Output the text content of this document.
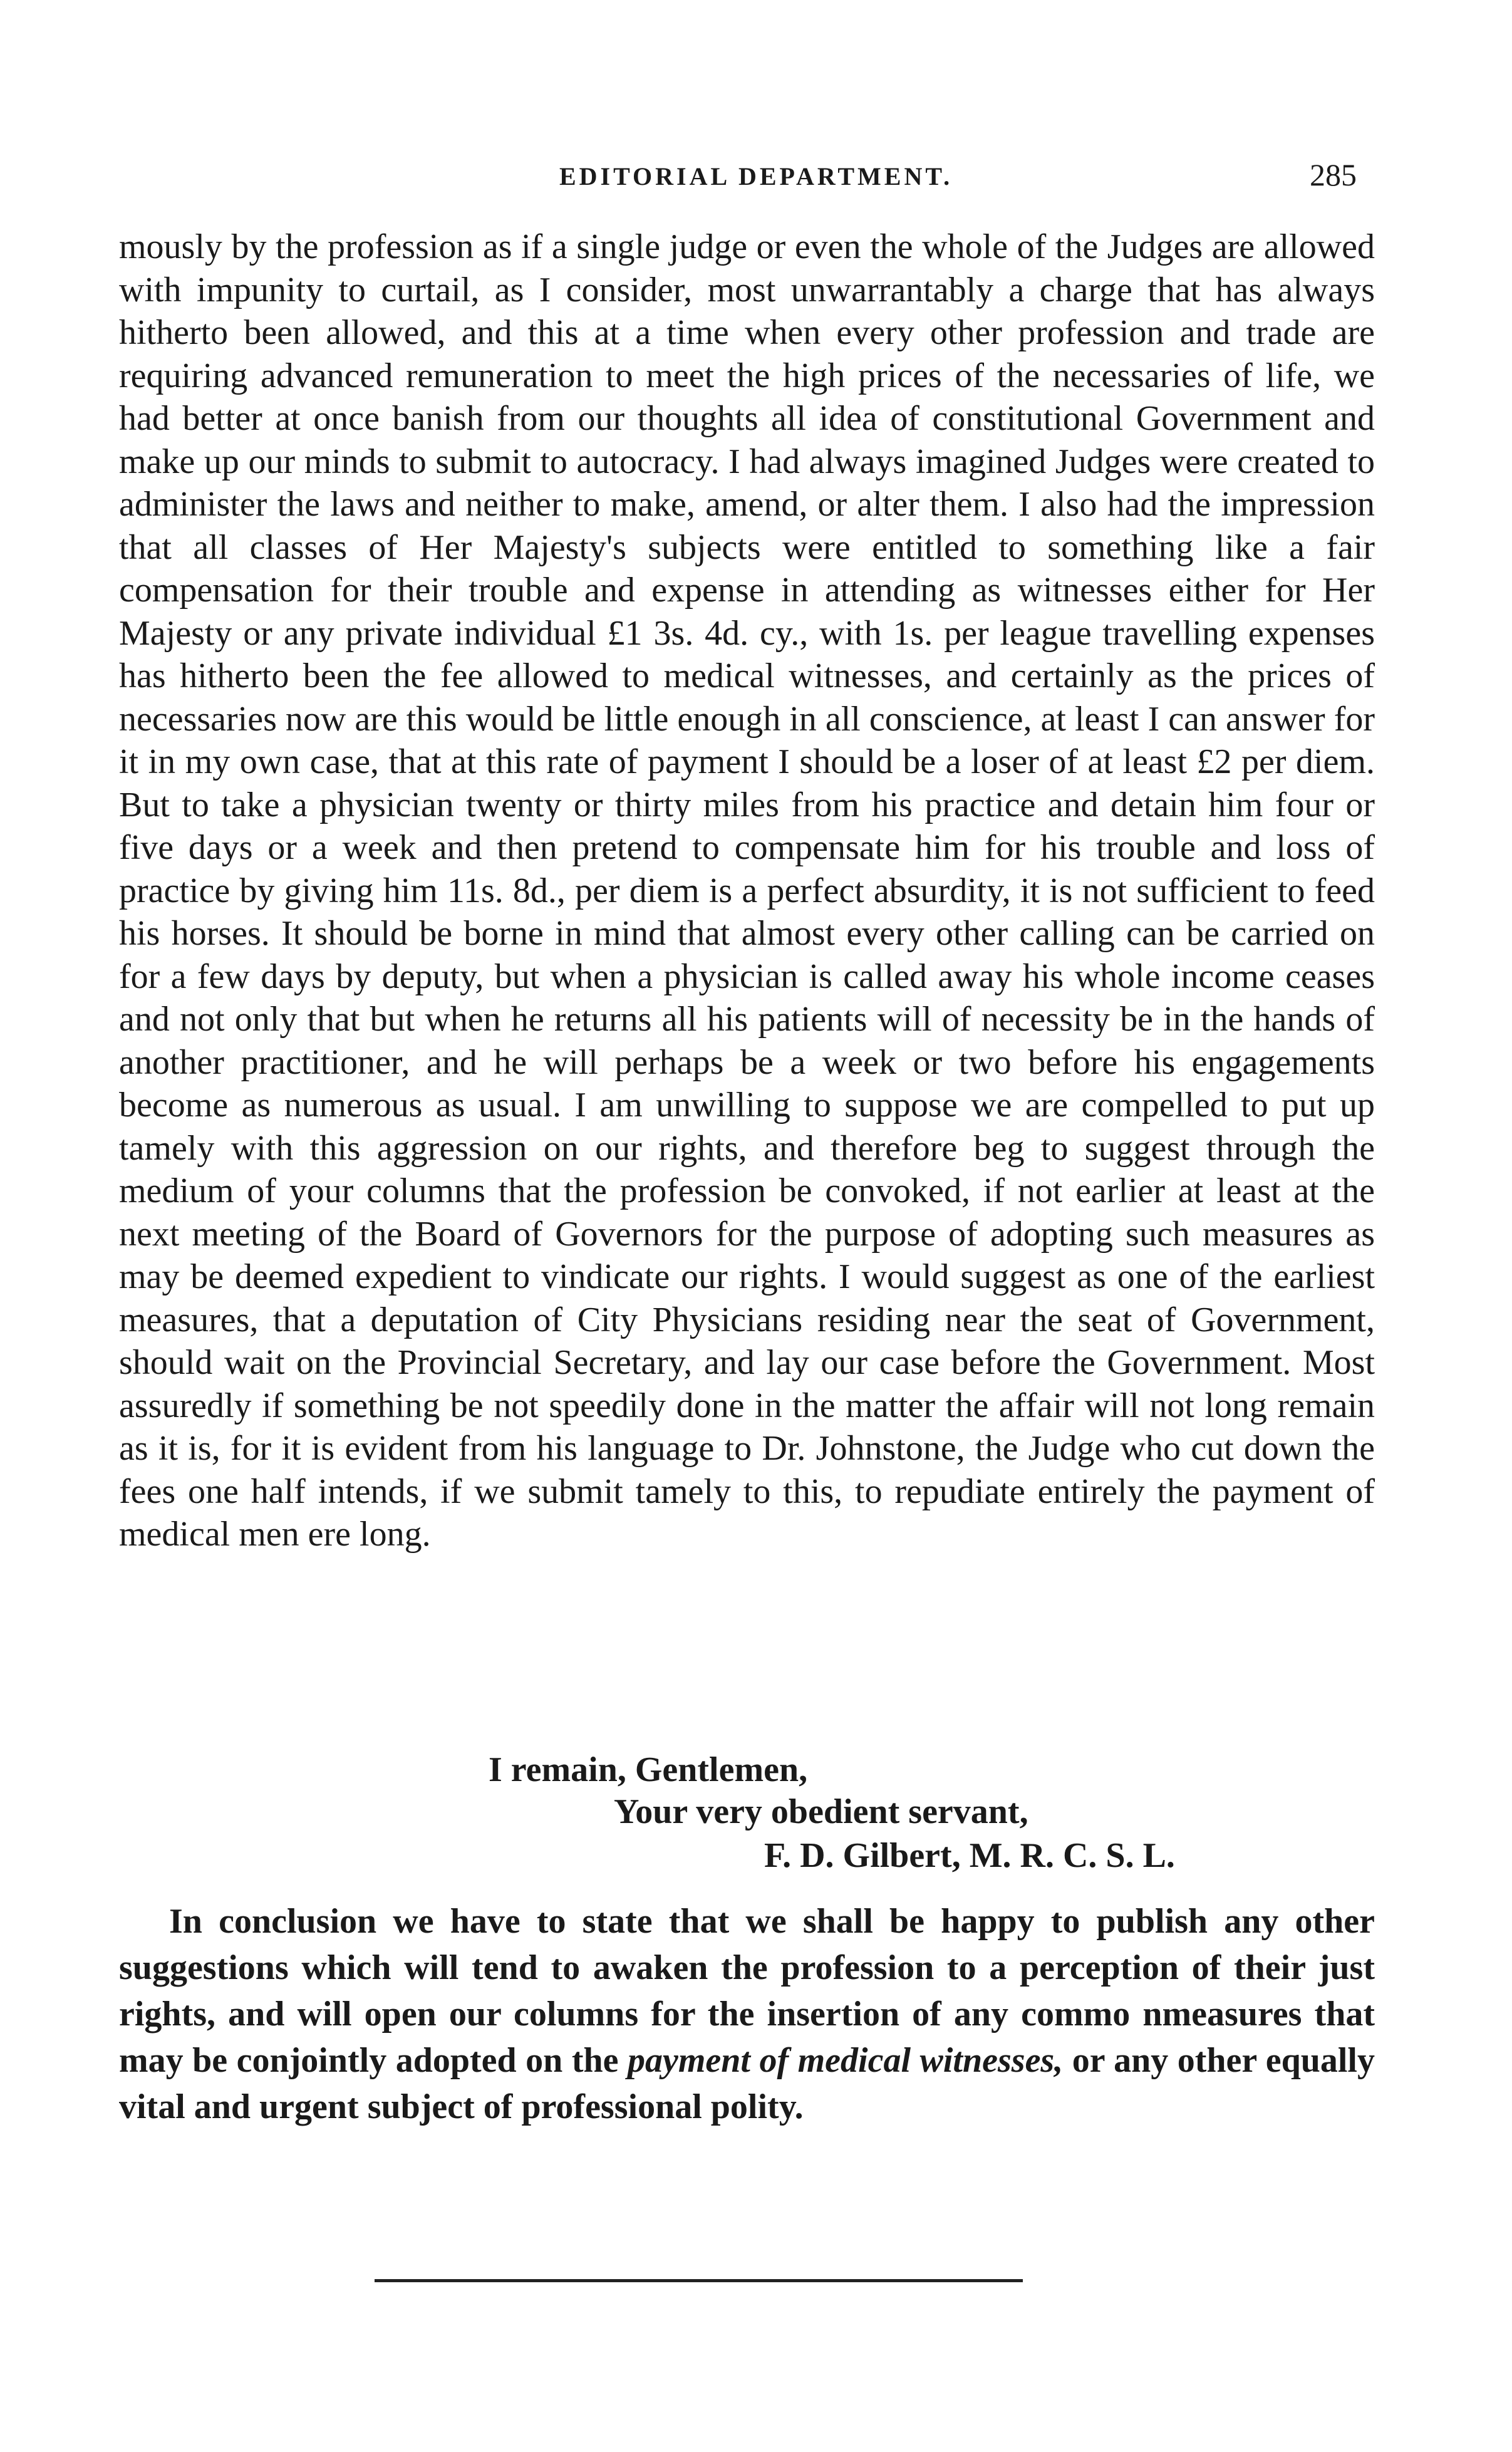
EDITORIAL DEPARTMENT.	285

mously by the profession as if a single judge or even the whole of the Judges are allowed with impunity to curtail, as I consider, most unwarrantably a charge that has always hitherto been allowed, and this at a time when every other profession and trade are requiring advanced remuneration to meet the high prices of the necessaries of life, we had better at once banish from our thoughts all idea of constitutional Government and make up our minds to submit to autocracy. I had always imagined Judges were created to administer the laws and neither to make, amend, or alter them. I also had the impression that all classes of Her Majesty's subjects were entitled to something like a fair compensation for their trouble and expense in attending as witnesses either for Her Majesty or any private individual £1 3s. 4d. cy., with 1s. per league travelling expenses has hitherto been the fee allowed to medical witnesses, and certainly as the prices of necessaries now are this would be little enough in all conscience, at least I can answer for it in my own case, that at this rate of payment I should be a loser of at least £2 per diem. But to take a physician twenty or thirty miles from his practice and detain him four or five days or a week and then pretend to compensate him for his trouble and loss of practice by giving him 11s. 8d., per diem is a perfect absurdity, it is not sufficient to feed his horses. It should be borne in mind that almost every other calling can be carried on for a few days by deputy, but when a physician is called away his whole income ceases and not only that but when he returns all his patients will of necessity be in the hands of another practitioner, and he will perhaps be a week or two before his engagements become as numerous as usual. I am unwilling to suppose we are compelled to put up tamely with this aggression on our rights, and therefore beg to suggest through the medium of your columns that the profession be convoked, if not earlier at least at the next meeting of the Board of Governors for the purpose of adopting such measures as may be deemed expedient to vindicate our rights. I would suggest as one of the earliest measures, that a deputation of City Physicians residing near the seat of Government, should wait on the Provincial Secretary, and lay our case before the Government. Most assuredly if something be not speedily done in the matter the affair will not long remain as it is, for it is evident from his language to Dr. Johnstone, the Judge who cut down the fees one half intends, if we submit tamely to this, to repudiate entirely the payment of medical men ere long.

I remain, Gentlemen,
Your very obedient servant,
F. D. Gilbert, M. R. C. S. L.
In conclusion we have to state that we shall be happy to publish any other suggestions which will tend to awaken the profession to a perception of their just rights, and will open our columns for the insertion of any commo nmeasures that may be conjointly adopted on the payment of medical witnesses, or any other equally vital and urgent subject of professional polity.
